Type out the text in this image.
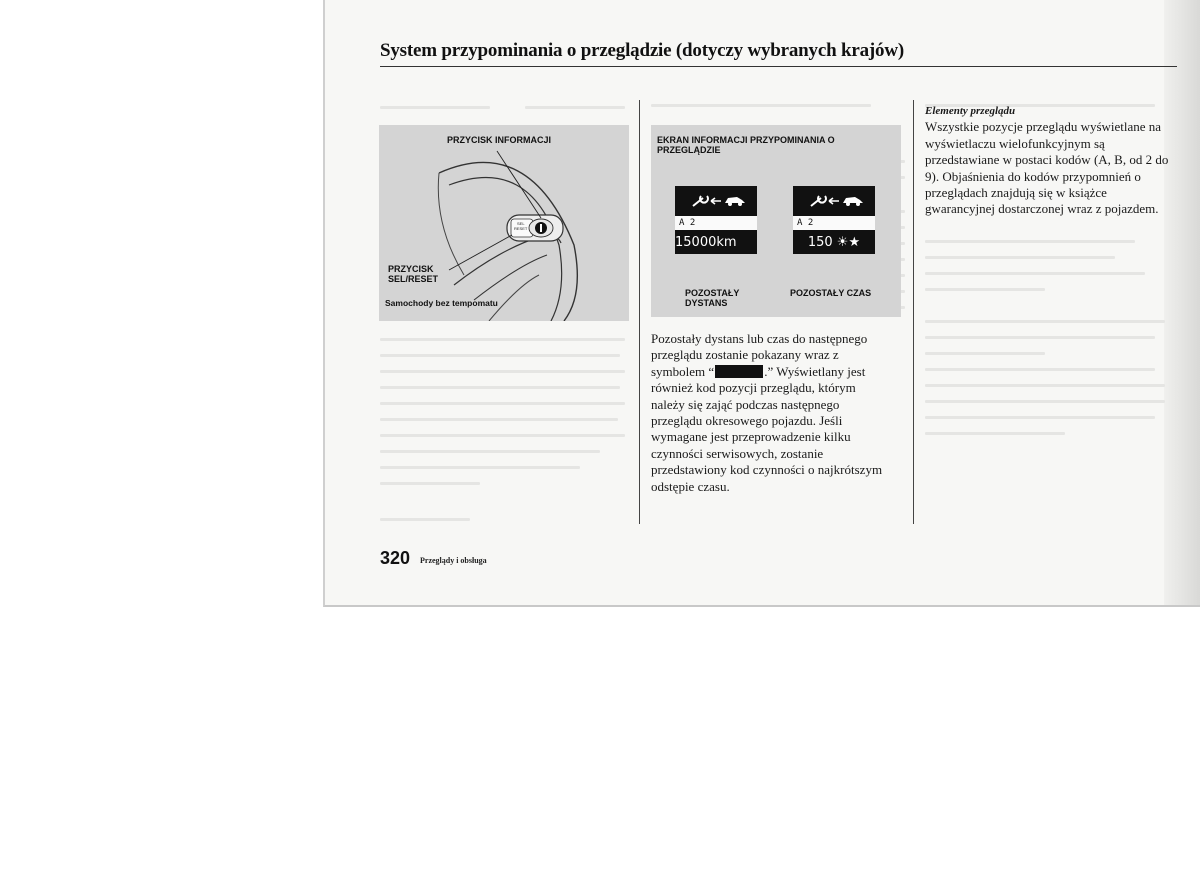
System przypominania o przeglądzie (dotyczy wybranych krajów)
PRZYCISK INFORMACJI
PRZYCISK
SEL/RESET
SEL
RESET
Samochody bez tempomatu
EKRAN INFORMACJI PRZYPOMINANIA O
PRZEGLĄDZIE
A 2
15000km
A 2
150 ☀★
POZOSTAŁY
DYSTANS
POZOSTAŁY CZAS
Pozostały dystans lub czas do następnego przeglądu zostanie pokazany wraz z symbolem “	.” Wyświetlany jest również kod pozycji przeglądu, którym należy się zająć podczas następnego przeglądu okresowego pojazdu. Jeśli wymagane jest przeprowadzenie kilku czynności serwisowych, zostanie przedstawiony kod czynności o najkrótszym odstępie czasu.
Elementy przeglądu
Wszystkie pozycje przeglądu wyświetlane na wyświetlaczu wielofunkcyjnym są przedstawiane w postaci kodów (A, B, od 2 do 9). Objaśnienia do kodów przypomnień o przeglądach znajdują się w książce gwarancyjnej dostarczonej wraz z pojazdem.
320 Przeglądy i obsługa
